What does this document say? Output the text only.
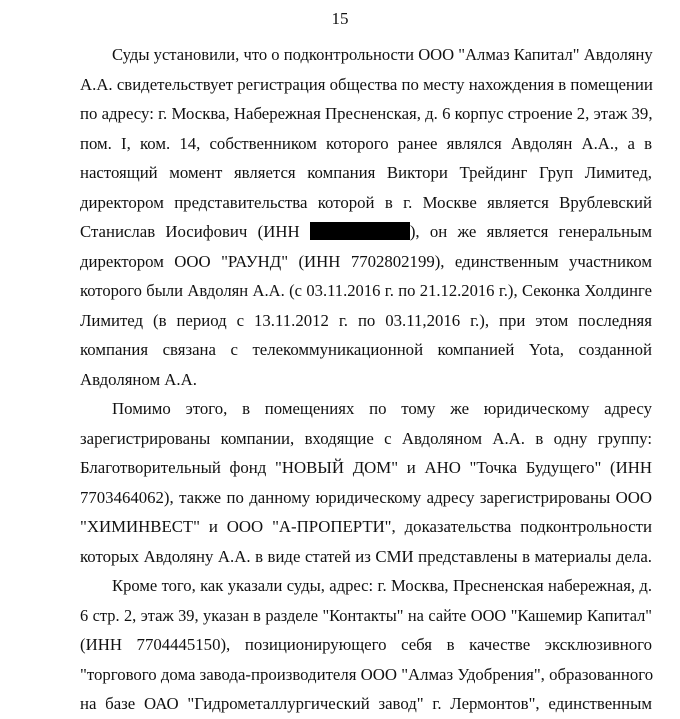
15
Суды установили, что о подконтрольности ООО "Алмаз Капитал" Авдоляну
А.А. свидетельствует регистрация общества по месту нахождения в помещении
по адресу: г. Москва, Набережная Пресненская, д. 6 корпус строение 2, этаж 39,
пом. I, ком. 14, собственником которого ранее являлся Авдолян А.А., а в
настоящий момент является компания Виктори Трейдинг Груп Лимитед,
директором представительства которой в г. Москве является Врублевский
Станислав Иосифович (ИНН	), он же является генеральным
директором ООО "РАУНД" (ИНН 7702802199), единственным участником
которого были Авдолян А.А. (с 03.11.2016 г. по 21.12.2016 г.), Секонка Холдинге
Лимитед (в период с 13.11.2012 г. по 03.11,2016 г.), при этом последняя
компания связана с телекоммуникационной компанией Yota, созданной
Авдоляном А.А.
Помимо этого, в помещениях по тому же юридическому адресу
зарегистрированы компании, входящие с Авдоляном А.А. в одну группу:
Благотворительный фонд "НОВЫЙ ДОМ" и АНО "Точка Будущего" (ИНН
7703464062), также по данному юридическому адресу зарегистрированы ООО
"ХИМИНВЕСТ" и ООО "А-ПРОПЕРТИ", доказательства подконтрольности
которых Авдоляну А.А. в виде статей из СМИ представлены в материалы дела.
Кроме того, как указали суды, адрес: г. Москва, Пресненская набережная, д.
6 стр. 2, этаж 39, указан в разделе "Контакты" на сайте ООО "Кашемир Капитал"
(ИНН 7704445150), позиционирующего себя в качестве эксклюзивного
"торгового дома завода-производителя ООО "Алмаз Удобрения", образованного
на базе ОАО "Гидрометаллургический завод" г. Лермонтов", единственным
